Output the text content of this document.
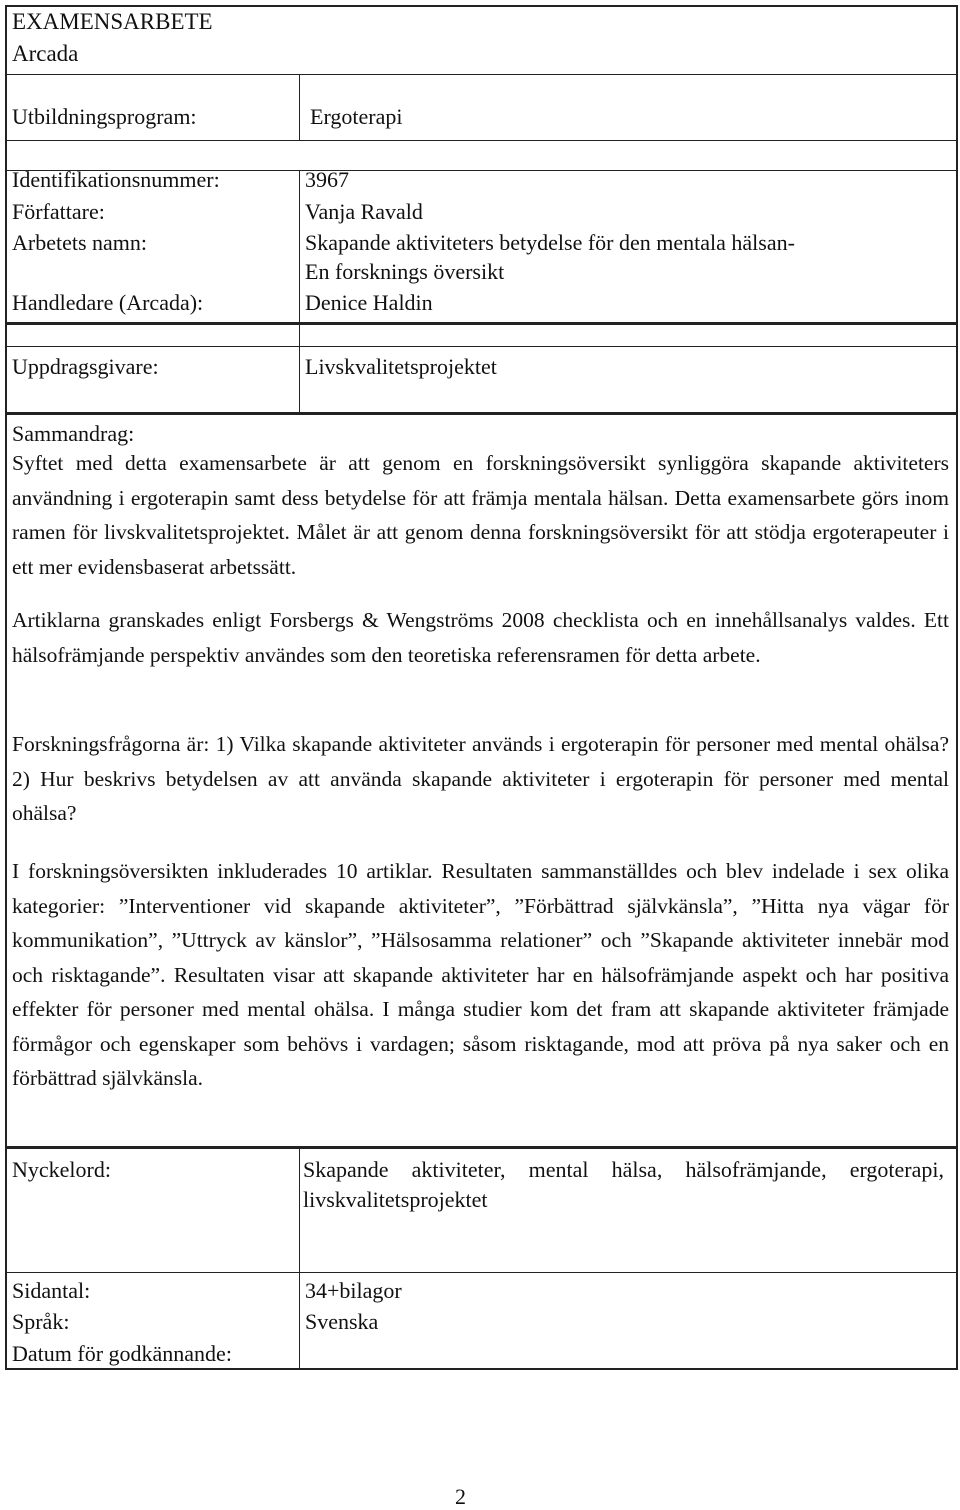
EXAMENSARBETE
Arcada
Utbildningsprogram:	Ergoterapi
Identifikationsnummer:	3967
Författare:	Vanja Ravald
Arbetets namn:	Skapande aktiviteters betydelse för den mentala hälsan-
En forsknings översikt
Handledare (Arcada):	Denice Haldin
Uppdragsgivare:	Livskvalitetsprojektet
Sammandrag:
Syftet med detta examensarbete är att genom en forskningsöversikt synliggöra skapande aktiviteters användning i ergoterapin samt dess betydelse för att främja mentala hälsan. Detta examensarbete görs inom ramen för livskvalitetsprojektet. Målet är att genom denna forskningsöversikt för att stödja ergoterapeuter i ett mer evidensbaserat arbetssätt.
Artiklarna granskades enligt Forsbergs & Wengströms 2008 checklista och en innehållsanalys valdes. Ett hälsofrämjande perspektiv användes som den teoretiska referensramen för detta arbete.
Forskningsfrågorna är: 1) Vilka skapande aktiviteter används i ergoterapin för personer med mental ohälsa? 2) Hur beskrivs betydelsen av att använda skapande aktiviteter i ergoterapin för personer med mental ohälsa?
I forskningsöversikten inkluderades 10 artiklar. Resultaten sammanställdes och blev indelade i sex olika kategorier: ”Interventioner vid skapande aktiviteter”, ”Förbättrad självkänsla”, ”Hitta nya vägar för kommunikation”, ”Uttryck av känslor”, ”Hälsosamma relationer” och ”Skapande aktiviteter innebär mod och risktagande”. Resultaten visar att skapande aktiviteter har en hälsofrämjande aspekt och har positiva effekter för personer med mental ohälsa. I många studier kom det fram att skapande aktiviteter främjade förmågor och egenskaper som behövs i vardagen; såsom risktagande, mod att pröva på nya saker och en förbättrad självkänsla.
Nyckelord:	Skapande aktiviteter, mental hälsa, hälsofrämjande, ergoterapi, livskvalitetsprojektet
Sidantal:	34+bilagor
Språk:	Svenska
Datum för godkännande:
2
